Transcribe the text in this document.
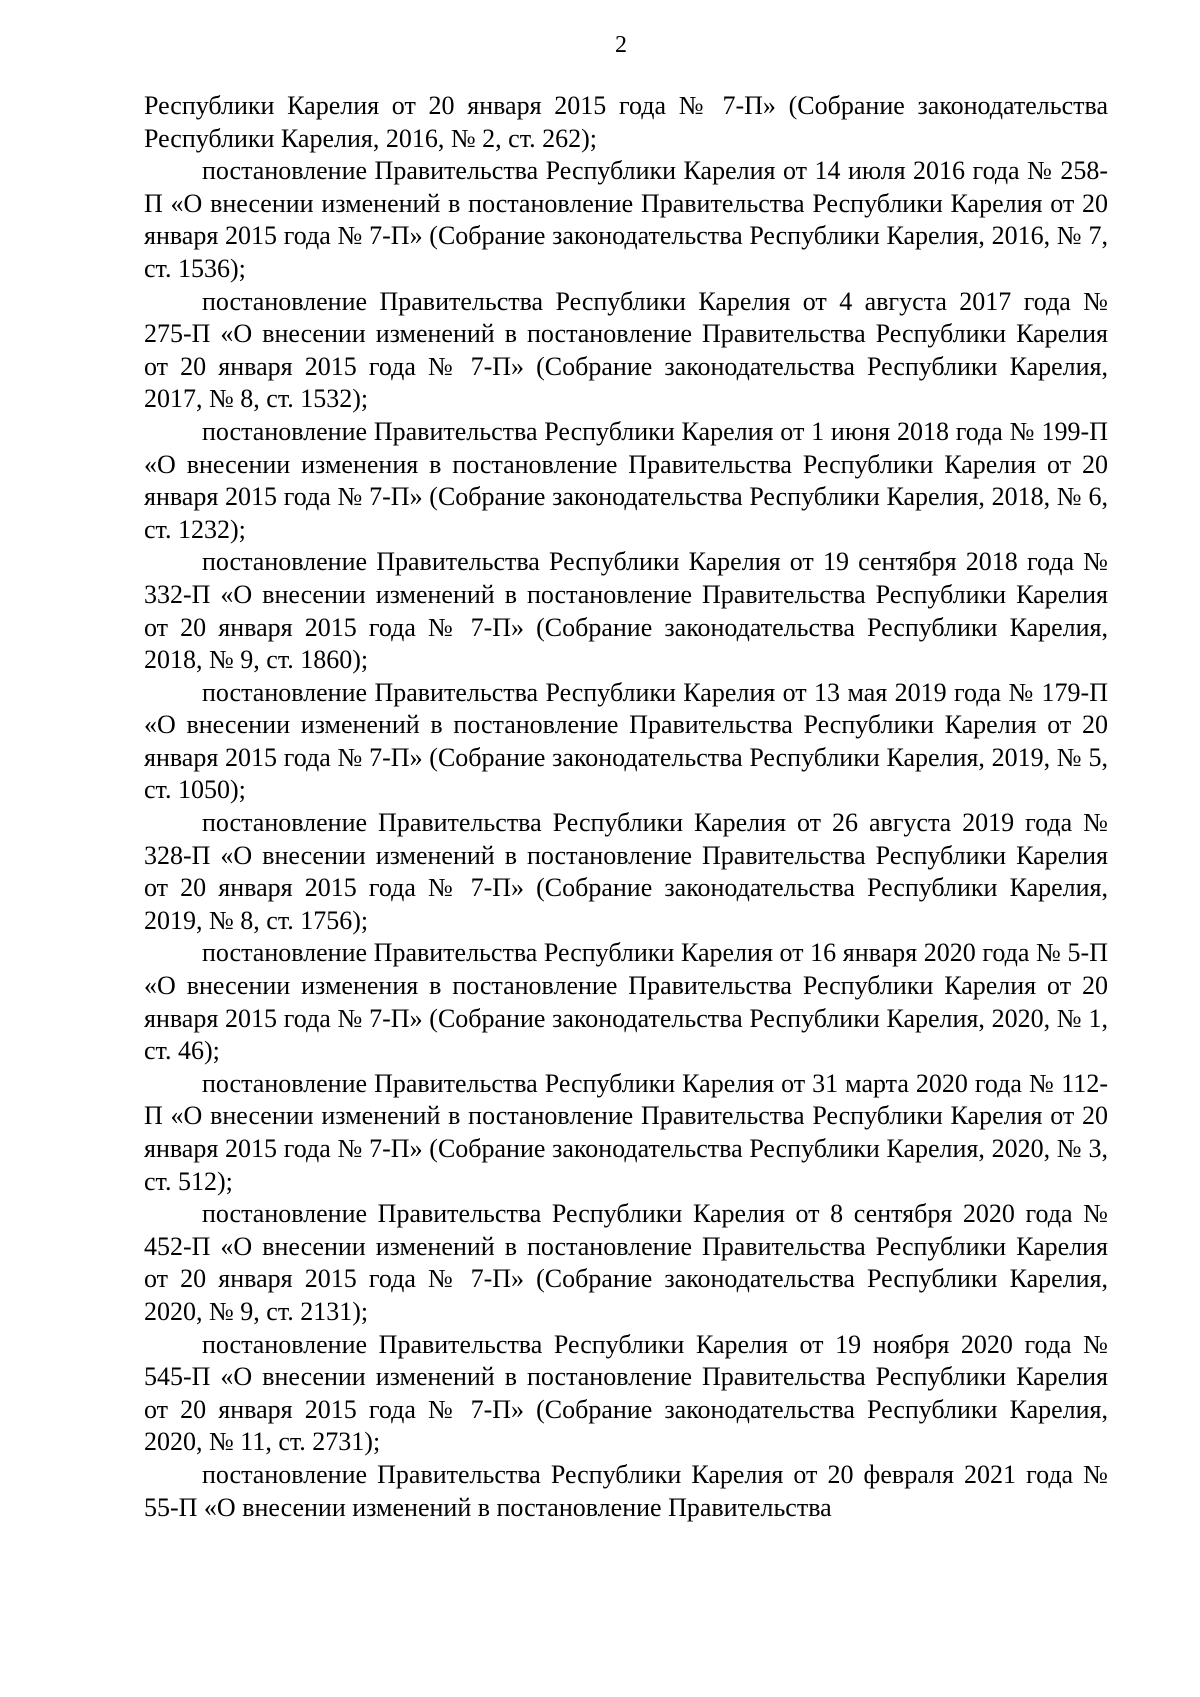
2

Республики Карелия от 20 января 2015 года № 7-П» (Собрание законодательства Республики Карелия, 2016, № 2, ст. 262);

постановление Правительства Республики Карелия от 14 июля 2016 года № 258-П «О внесении изменений в постановление Правительства Республики Карелия от 20 января 2015 года № 7-П» (Собрание законодательства Республики Карелия, 2016, № 7, ст. 1536);

постановление Правительства Республики Карелия от 4 августа 2017 года № 275-П «О внесении изменений в постановление Правительства Республики Карелия от 20 января 2015 года № 7-П» (Собрание законодательства Республики Карелия, 2017, № 8, ст. 1532);

постановление Правительства Республики Карелия от 1 июня 2018 года № 199-П «О внесении изменения в постановление Правительства Республики Карелия от 20 января 2015 года № 7-П» (Собрание законодательства Республики Карелия, 2018, № 6, ст. 1232);

постановление Правительства Республики Карелия от 19 сентября 2018 года № 332-П «О внесении изменений в постановление Правительства Республики Карелия от 20 января 2015 года № 7-П» (Собрание законодательства Республики Карелия, 2018, № 9, ст. 1860);

постановление Правительства Республики Карелия от 13 мая 2019 года № 179-П «О внесении изменений в постановление Правительства Республики Карелия от 20 января 2015 года № 7-П» (Собрание законодательства Республики Карелия, 2019, № 5, ст. 1050);

постановление Правительства Республики Карелия от 26 августа 2019 года № 328-П «О внесении изменений в постановление Правительства Республики Карелия от 20 января 2015 года № 7-П» (Собрание законодательства Республики Карелия, 2019, № 8, ст. 1756);

постановление Правительства Республики Карелия от 16 января 2020 года № 5-П «О внесении изменения в постановление Правительства Республики Карелия от 20 января 2015 года № 7-П» (Собрание законодательства Республики Карелия, 2020, № 1, ст. 46);

постановление Правительства Республики Карелия от 31 марта 2020 года № 112-П «О внесении изменений в постановление Правительства Республики Карелия от 20 января 2015 года № 7-П» (Собрание законодательства Республики Карелия, 2020, № 3, ст. 512);

постановление Правительства Республики Карелия от 8 сентября 2020 года № 452-П «О внесении изменений в постановление Правительства Республики Карелия от 20 января 2015 года № 7-П» (Собрание законодательства Республики Карелия, 2020, № 9, ст. 2131);

постановление Правительства Республики Карелия от 19 ноября 2020 года № 545-П «О внесении изменений в постановление Правительства Республики Карелия от 20 января 2015 года № 7-П» (Собрание законодательства Республики Карелия, 2020, № 11, ст. 2731);

постановление Правительства Республики Карелия от 20 февраля 2021 года № 55-П «О внесении изменений в постановление Правительства
